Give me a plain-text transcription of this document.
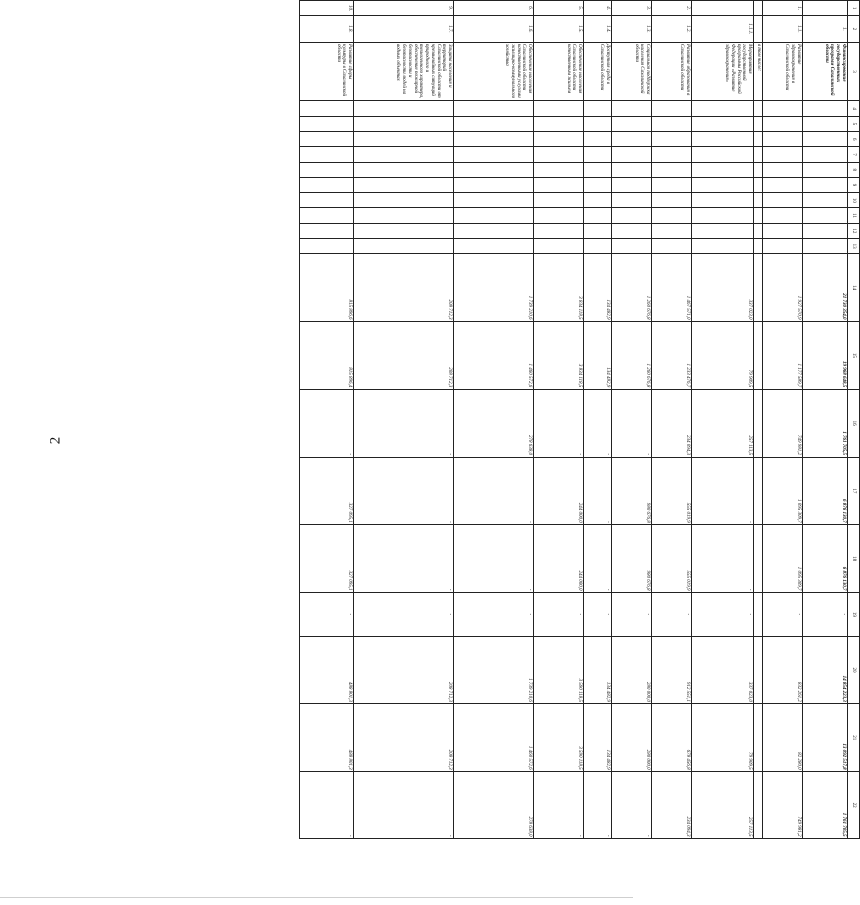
2
1	2	3	4	5	6	7	8	9	10	11	12	13	14	15	16	17	18	19	20	21	22
	1.	Финансирование государственных программ Сахалинской области											21 730 354,0	19 968 648,5	1 761 705,5	6 876 130,7	6 876 130,7	-	14 854 223,3	13 092 517,8	1 761 705,5
1.	1.1.	Развитие здравоохранения в Сахалинской области											1 927 570,9	1 177 589,7	749 981,2	1 095 309,7	1 095 309,7	-	832 261,2	82 280,0	749 981,2
		в том числе:																			
	1.1.1.	Мероприятия государственной программы Российской Федерации «Развитие здравоохранения»											337 023,0	79 909,5	257 113,5	-	-	-	337 023,0	79 909,5	257 113,5
2.	1.2.	Развитие образования в Сахалинской области											1 467 571,0	1 233 476,7	234 094,3	555 019,9	555 019,9	-	912 551,1	678 456,8	234 094,3
3.	1.3.	Социальная поддержка населения Сахалинской области											1 260 676,8	1 260 676,8	-	980 676,8	980 676,8	-	280 000,0	280 000,0	-
4.	1.4.	Доступная среда в Сахалинской области											134 482,9	134 482,9	-	-	-	-	134 482,9	134 482,9	-
5.	1.5.	Обеспечение населения Сахалинской области качественным жильем											3 834 118,5	3 834 118,5	-	244 000,0	244 000,0	-	3 590 118,5	3 590 118,5	-
6.	1.6.	Обеспечение населения Сахалинской области качественными услугами жилищно-коммунального хозяйства											1 739 210,6	1 460 572,6	278 638,0	-	-	-	1 739 210,6	1 460 572,6	278 638,0
9.	1.7.	Защита населения и территорий Сахалинской области от чрезвычайных ситуаций природного и техногенного характера, обеспечение пожарной безопасности и безопасности людей на водных объектах											208 712,3	208 712,3	-	-	-	-	208 712,3	208 712,3	-
10.	1.8.	Развитие сферы культуры в Сахалинской области											815 896,6	815 896,4	-	327 095,1	327 095,1	-	488 801,3	488 801,3	-
